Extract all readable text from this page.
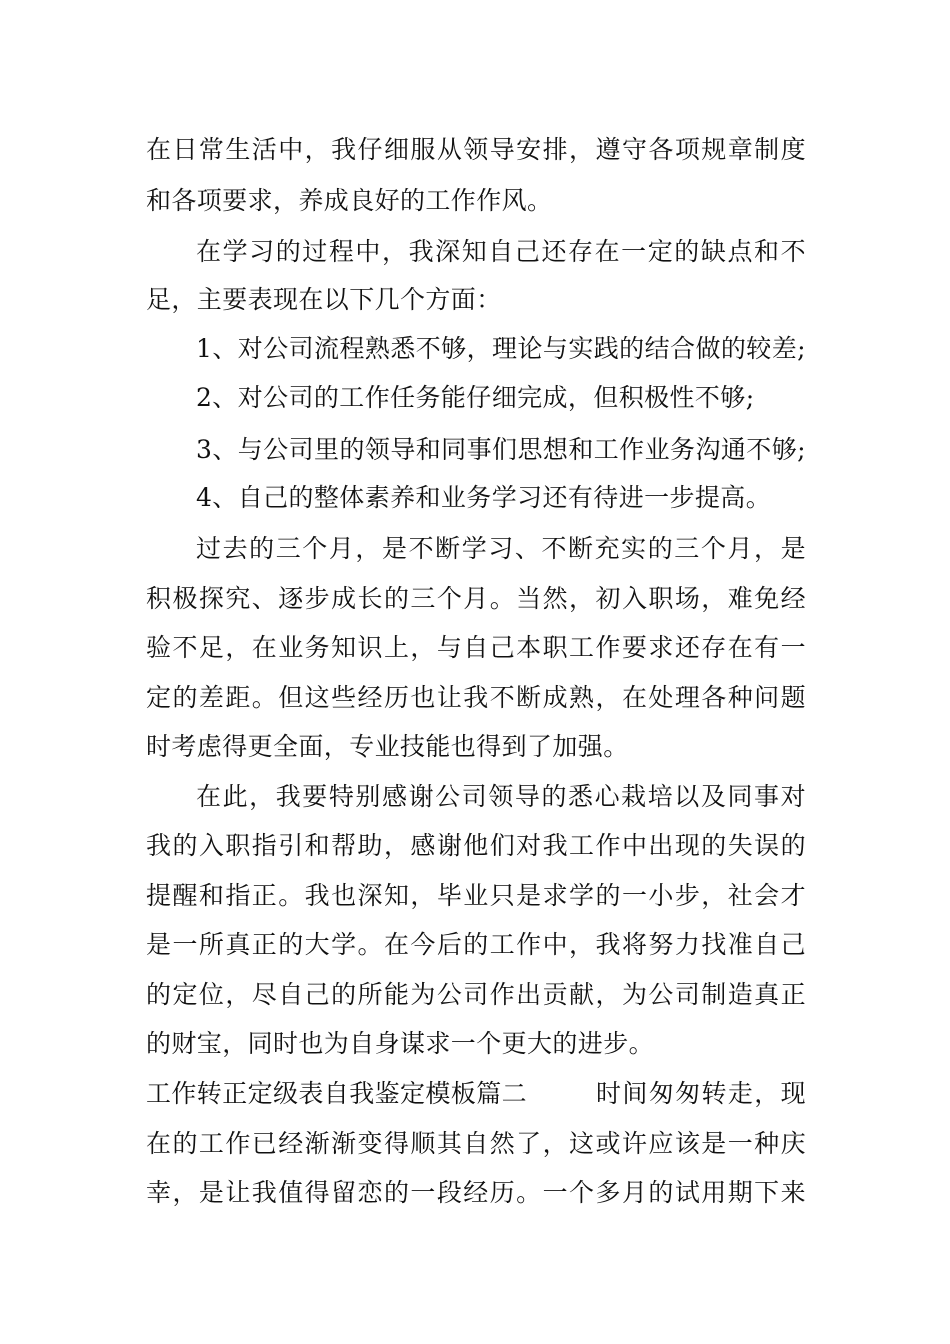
在日常生活中，我仔细服从领导安排，遵守各项规章制度
和各项要求，养成良好的工作作风。
在学习的过程中，我深知自己还存在一定的缺点和不
足，主要表现在以下几个方面：
1、对公司流程熟悉不够，理论与实践的结合做的较差;
2、对公司的工作任务能仔细完成，但积极性不够;
3、与公司里的领导和同事们思想和工作业务沟通不够;
4、自己的整体素养和业务学习还有待进一步提高。
过去的三个月，是不断学习、不断充实的三个月，是
积极探究、逐步成长的三个月。当然，初入职场，难免经
验不足，在业务知识上，与自己本职工作要求还存在有一
定的差距。但这些经历也让我不断成熟，在处理各种问题
时考虑得更全面，专业技能也得到了加强。
在此，我要特别感谢公司领导的悉心栽培以及同事对
我的入职指引和帮助，感谢他们对我工作中出现的失误的
提醒和指正。我也深知，毕业只是求学的一小步，社会才
是一所真正的大学。在今后的工作中，我将努力找准自己
的定位，尽自己的所能为公司作出贡献，为公司制造真正
的财宝，同时也为自身谋求一个更大的进步。
工作转正定级表自我鉴定模板篇二	时间匆匆转走，现
在的工作已经渐渐变得顺其自然了，这或许应该是一种庆
幸，是让我值得留恋的一段经历。一个多月的试用期下来
